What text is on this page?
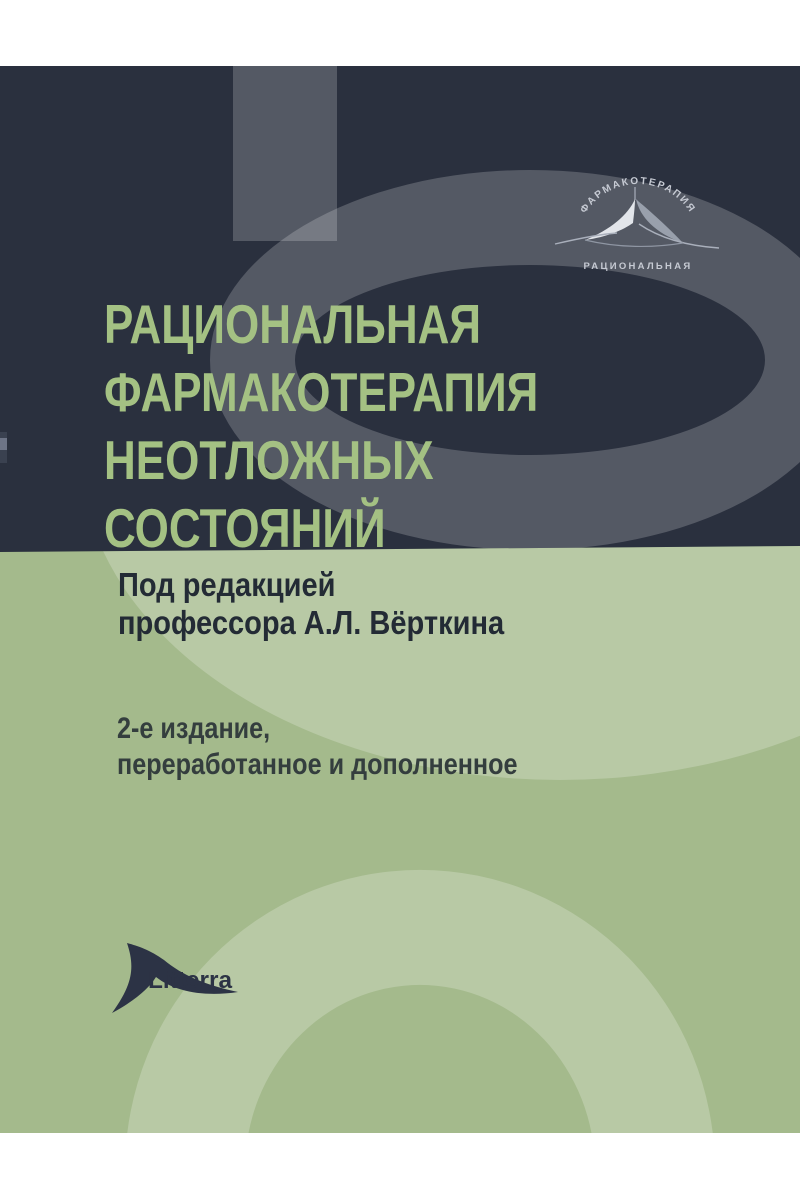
ФАРМАКОТЕРАПИЯ
РАЦИОНАЛЬНАЯ
РАЦИОНАЛЬНАЯ
ФАРМАКОТЕРАПИЯ
НЕОТЛОЖНЫХ
СОСТОЯНИЙ
Под редакцией
профессора А.Л. Вёрткина
2-е издание,
переработанное и дополненное
Litterra
